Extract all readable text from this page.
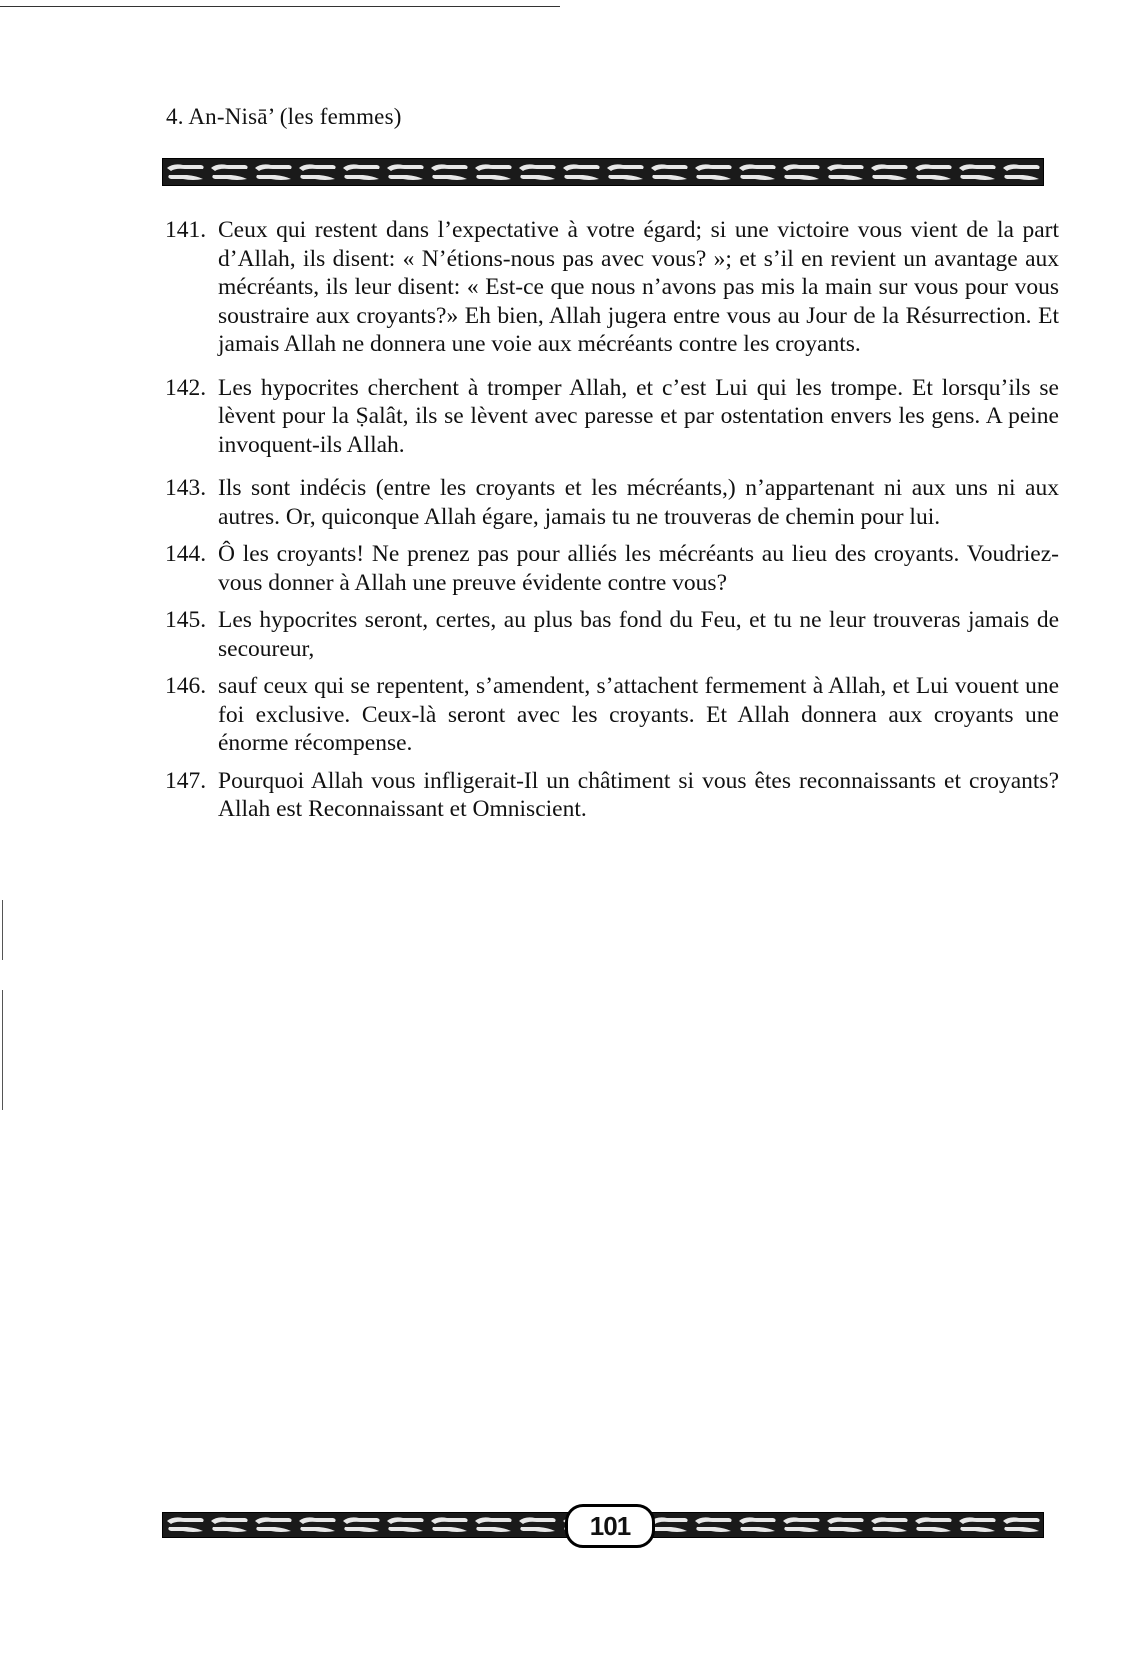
4. An-Nisā’ (les femmes)
141. Ceux qui restent dans l’expectative à votre égard; si une victoire vous vient de la part d’Allah, ils disent: « N’étions-nous pas avec vous? »; et s’il en revient un avantage aux mécréants, ils leur disent: « Est-ce que nous n’avons pas mis la main sur vous pour vous soustraire aux croyants?» Eh bien, Allah jugera entre vous au Jour de la Résurrection. Et jamais Allah ne donnera une voie aux mécréants contre les croyants.
142. Les hypocrites cherchent à tromper Allah, et c’est Lui qui les trompe. Et lorsqu’ils se lèvent pour la Ṣalât, ils se lèvent avec paresse et par ostentation envers les gens. A peine invoquent-ils Allah.
143. Ils sont indécis (entre les croyants et les mécréants,) n’appartenant ni aux uns ni aux autres. Or, quiconque Allah égare, jamais tu ne trouveras de chemin pour lui.
144. Ô les croyants! Ne prenez pas pour alliés les mécréants au lieu des croyants. Voudriez-vous donner à Allah une preuve évidente contre vous?
145. Les hypocrites seront, certes, au plus bas fond du Feu, et tu ne leur trouveras jamais de secoureur,
146. sauf ceux qui se repentent, s’amendent, s’attachent fermement à Allah, et Lui vouent une foi exclusive. Ceux-là seront avec les croyants. Et Allah donnera aux croyants une énorme récompense.
147. Pourquoi Allah vous infligerait-Il un châtiment si vous êtes reconnaissants et croyants? Allah est Reconnaissant et Omniscient.
101
